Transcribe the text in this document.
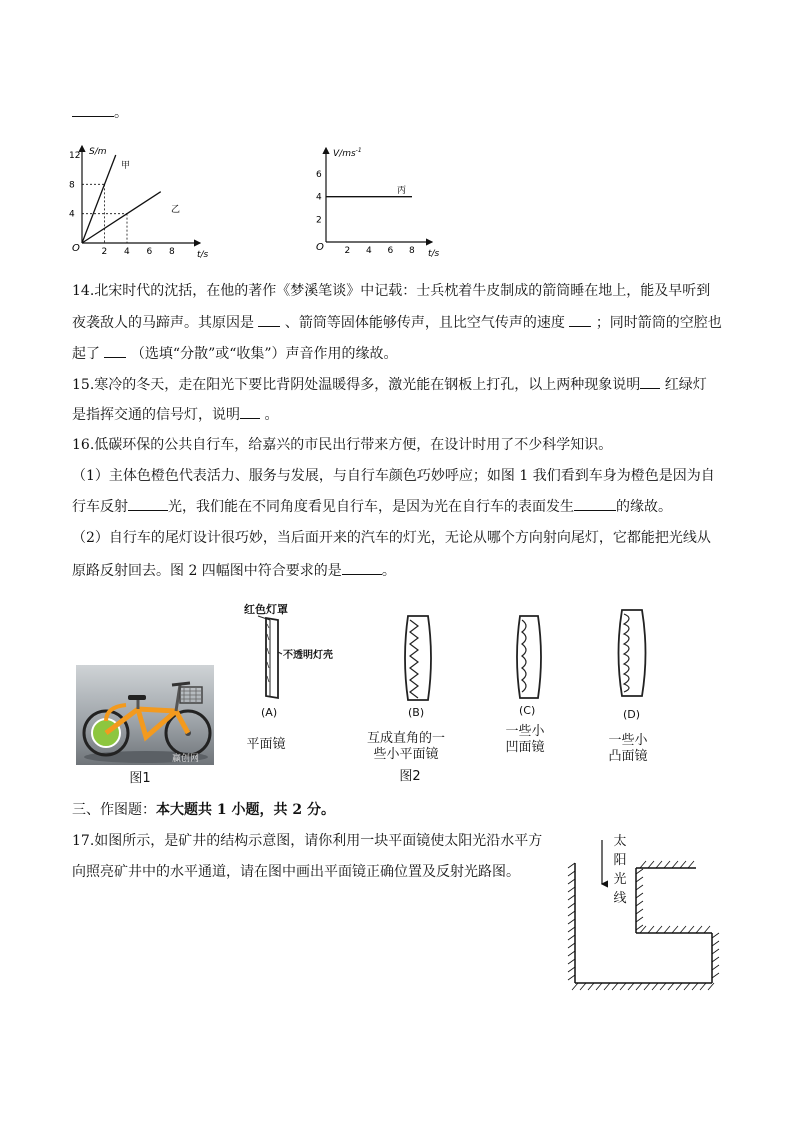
。
2 4 6 8
12
8
4
S/m
t/s
O
甲
乙
2 4 6 8
6
4
2
$V/ms^{-1}$
t/s
O
丙
14.北宋时代的沈括，在他的著作《梦溪笔谈》中记载：士兵枕着牛皮制成的箭筒睡在地上，能及早听到
夜袭敌人的马蹄声。其原因是 、箭筒等固体能够传声，且比空气传声的速度 ；同时箭筒的空腔也
起了 （选填“分散”或“收集”）声音作用的缘故。
15.寒冷的冬天，走在阳光下要比背阴处温暖得多，激光能在钢板上打孔，以上两种现象说明 红绿灯
是指挥交通的信号灯，说明 。
16.低碳环保的公共自行车，给嘉兴的市民出行带来方便，在设计时用了不少科学知识。
（1）主体色橙色代表活力、服务与发展，与自行车颜色巧妙呼应；如图 1 我们看到车身为橙色是因为自
行车反射	光，我们能在不同角度看见自行车，是因为光在自行车的表面发生	的缘故。
（2）自行车的尾灯设计很巧妙，当后面开来的汽车的灯光，无论从哪个方向射向尾灯，它都能把光线从
原路反射回去。图 2 四幅图中符合要求的是	。
赢创网
图1
红色灯罩
不透明灯壳
(A)	(B)	(C)	(D)
平面镜	互成直角的一
些小平面镜
一些小
凹面镜	一些小
凸面镜
图2
三、作图题：本大题共 1 小题，共 2 分。
17.如图所示，是矿井的结构示意图，请你利用一块平面镜使太阳光沿水平方
向照亮矿井中的水平通道，请在图中画出平面镜正确位置及反射光路图。
太
阳
光
线
